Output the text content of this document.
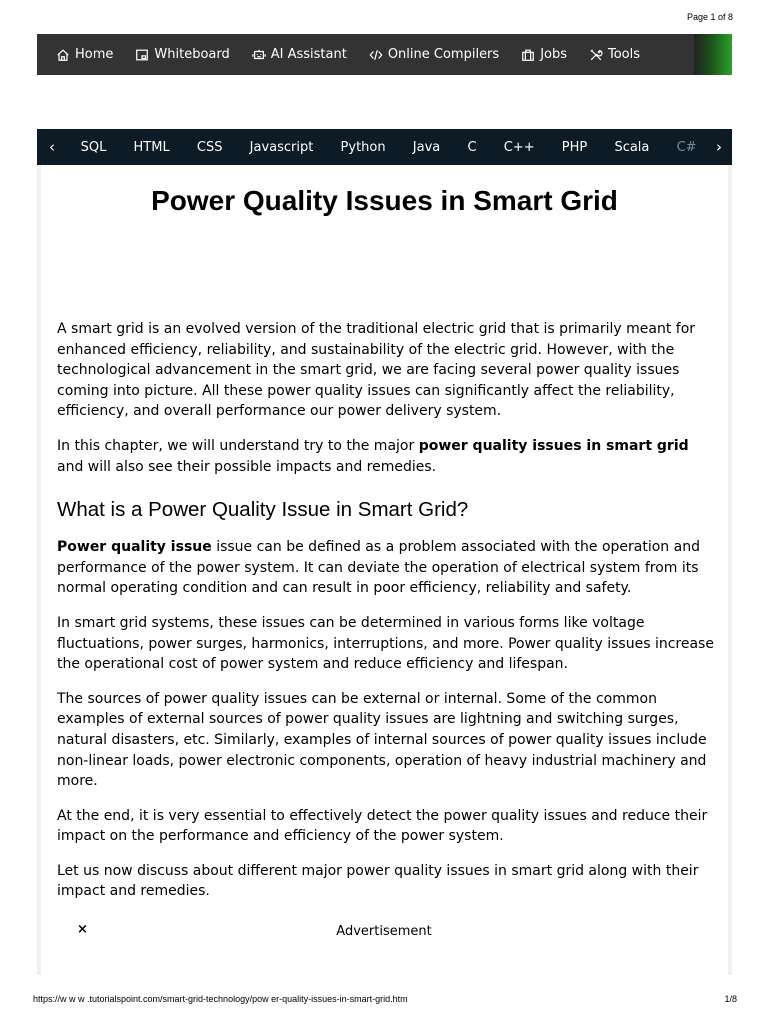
Page 1 of 8
Home	Whiteboard	AI Assistant	Online Compilers	Jobs	Tools
‹	SQL	HTML	CSS	Javascript	Python	Java	C	C++	PHP	Scala	C#	›
Power Quality Issues in Smart Grid

A smart grid is an evolved version of the traditional electric grid that is primarily meant for enhanced efficiency, reliability, and sustainability of the electric grid. However, with the technological advancement in the smart grid, we are facing several power quality issues coming into picture. All these power quality issues can significantly affect the reliability, efficiency, and overall performance our power delivery system.

In this chapter, we will understand try to the major power quality issues in smart grid and will also see their possible impacts and remedies.

What is a Power Quality Issue in Smart Grid?

Power quality issue issue can be defined as a problem associated with the operation and performance of the power system. It can deviate the operation of electrical system from its normal operating condition and can result in poor efficiency, reliability and safety.

In smart grid systems, these issues can be determined in various forms like voltage fluctuations, power surges, harmonics, interruptions, and more. Power quality issues increase the operational cost of power system and reduce efficiency and lifespan.

The sources of power quality issues can be external or internal. Some of the common examples of external sources of power quality issues are lightning and switching surges, natural disasters, etc. Similarly, examples of internal sources of power quality issues include non-linear loads, power electronic components, operation of heavy industrial machinery and more.

At the end, it is very essential to effectively detect the power quality issues and reduce their impact on the performance and efficiency of the power system.

Let us now discuss about different major power quality issues in smart grid along with their impact and remedies.

×	Advertisement
https://w w w .tutorialspoint.com/smart-grid-technology/pow er-quality-issues-in-smart-grid.htm	1/8
